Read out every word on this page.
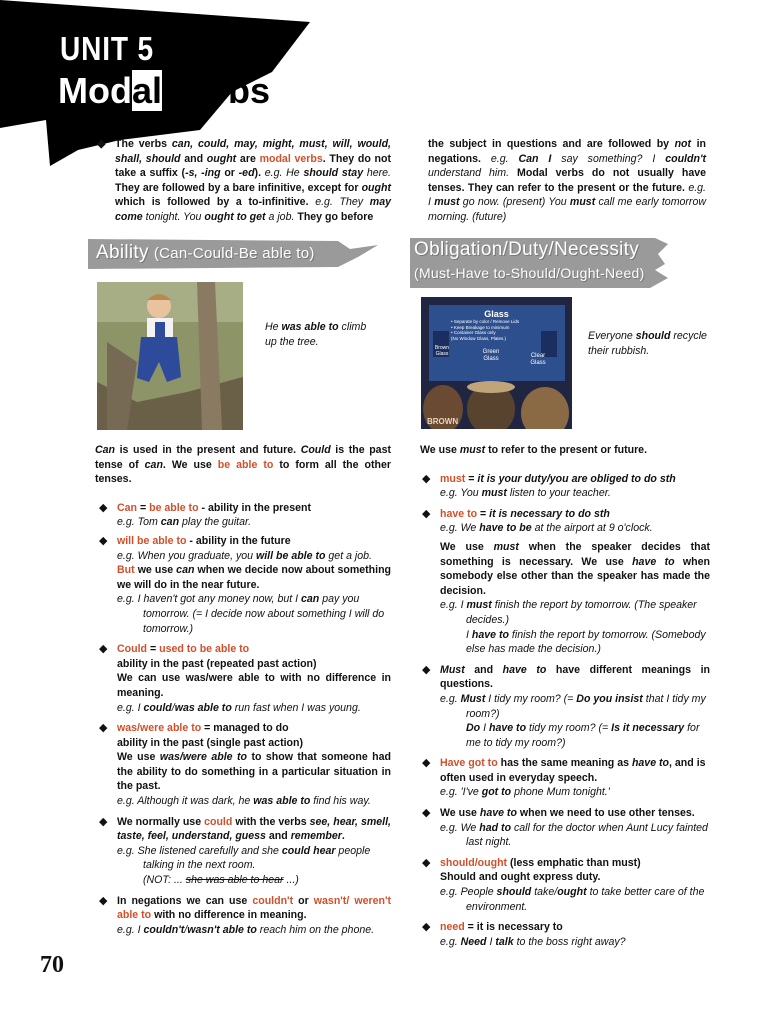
UNIT 5
Modal Verbs
◆ The verbs can, could, may, might, must, will, would, shall, should and ought are modal verbs. They do not take a suffix (-s, -ing or -ed). e.g. He should stay here. They are followed by a bare infinitive, except for ought which is followed by a to-infinitive. e.g. They may come tonight. You ought to get a job. They go before
the subject in questions and are followed by not in negations. e.g. Can I say something? I couldn't understand him. Modal verbs do not usually have tenses. They can refer to the present or the future. e.g. I must go now. (present) You must call me early tomorrow morning. (future)
Ability (Can-Could-Be able to)
He was able to climb up the tree.
Obligation/Duty/Necessity
(Must-Have to-Should/Ought-Need)
Glass
• Separate by color / Remove Lids
• Keep Breakage to minimum
• Container Glass only
(No Window Glass, Plates.)
Brown Glass	Green Glass	Clear Glass
BROWN
Everyone should recycle their rubbish.
Can is used in the present and future. Could is the past tense of can. We use be able to to form all the other tenses.
◆ Can = be able to - ability in the present
e.g. Tom can play the guitar.
◆ will be able to - ability in the future
e.g. When you graduate, you will be able to get a job.
But we use can when we decide now about something we will do in the near future.
e.g. I haven't got any money now, but I can pay you tomorrow. (= I decide now about something I will do tomorrow.)
◆ Could = used to be able to
ability in the past (repeated past action)
We can use was/were able to with no difference in meaning.
e.g. I could/was able to run fast when I was young.
◆ was/were able to = managed to do
ability in the past (single past action)
We use was/were able to to show that someone had the ability to do something in a particular situation in the past.
e.g. Although it was dark, he was able to find his way.
◆ We normally use could with the verbs see, hear, smell, taste, feel, understand, guess and remember.
e.g. She listened carefully and she could hear people talking in the next room.
(NOT: ... she was able to hear ...)
◆ In negations we can use couldn't or wasn't/ weren't able to with no difference in meaning.
e.g. I couldn't/wasn't able to reach him on the phone.
We use must to refer to the present or future.
◆ must = it is your duty/you are obliged to do sth
e.g. You must listen to your teacher.
◆ have to = it is necessary to do sth
e.g. We have to be at the airport at 9 o'clock.
We use must when the speaker decides that something is necessary. We use have to when somebody else other than the speaker has made the decision.
e.g. I must finish the report by tomorrow. (The speaker decides.)
I have to finish the report by tomorrow. (Somebody else has made the decision.)
◆ Must and have to have different meanings in questions.
e.g. Must I tidy my room? (= Do you insist that I tidy my room?)
Do I have to tidy my room? (= Is it necessary for me to tidy my room?)
◆ Have got to has the same meaning as have to, and is often used in everyday speech.
e.g. 'I've got to phone Mum tonight.'
◆ We use have to when we need to use other tenses.
e.g. We had to call for the doctor when Aunt Lucy fainted last night.
◆ should/ought (less emphatic than must)
Should and ought express duty.
e.g. People should take/ought to take better care of the environment.
◆ need = it is necessary to
e.g. Need I talk to the boss right away?
70
